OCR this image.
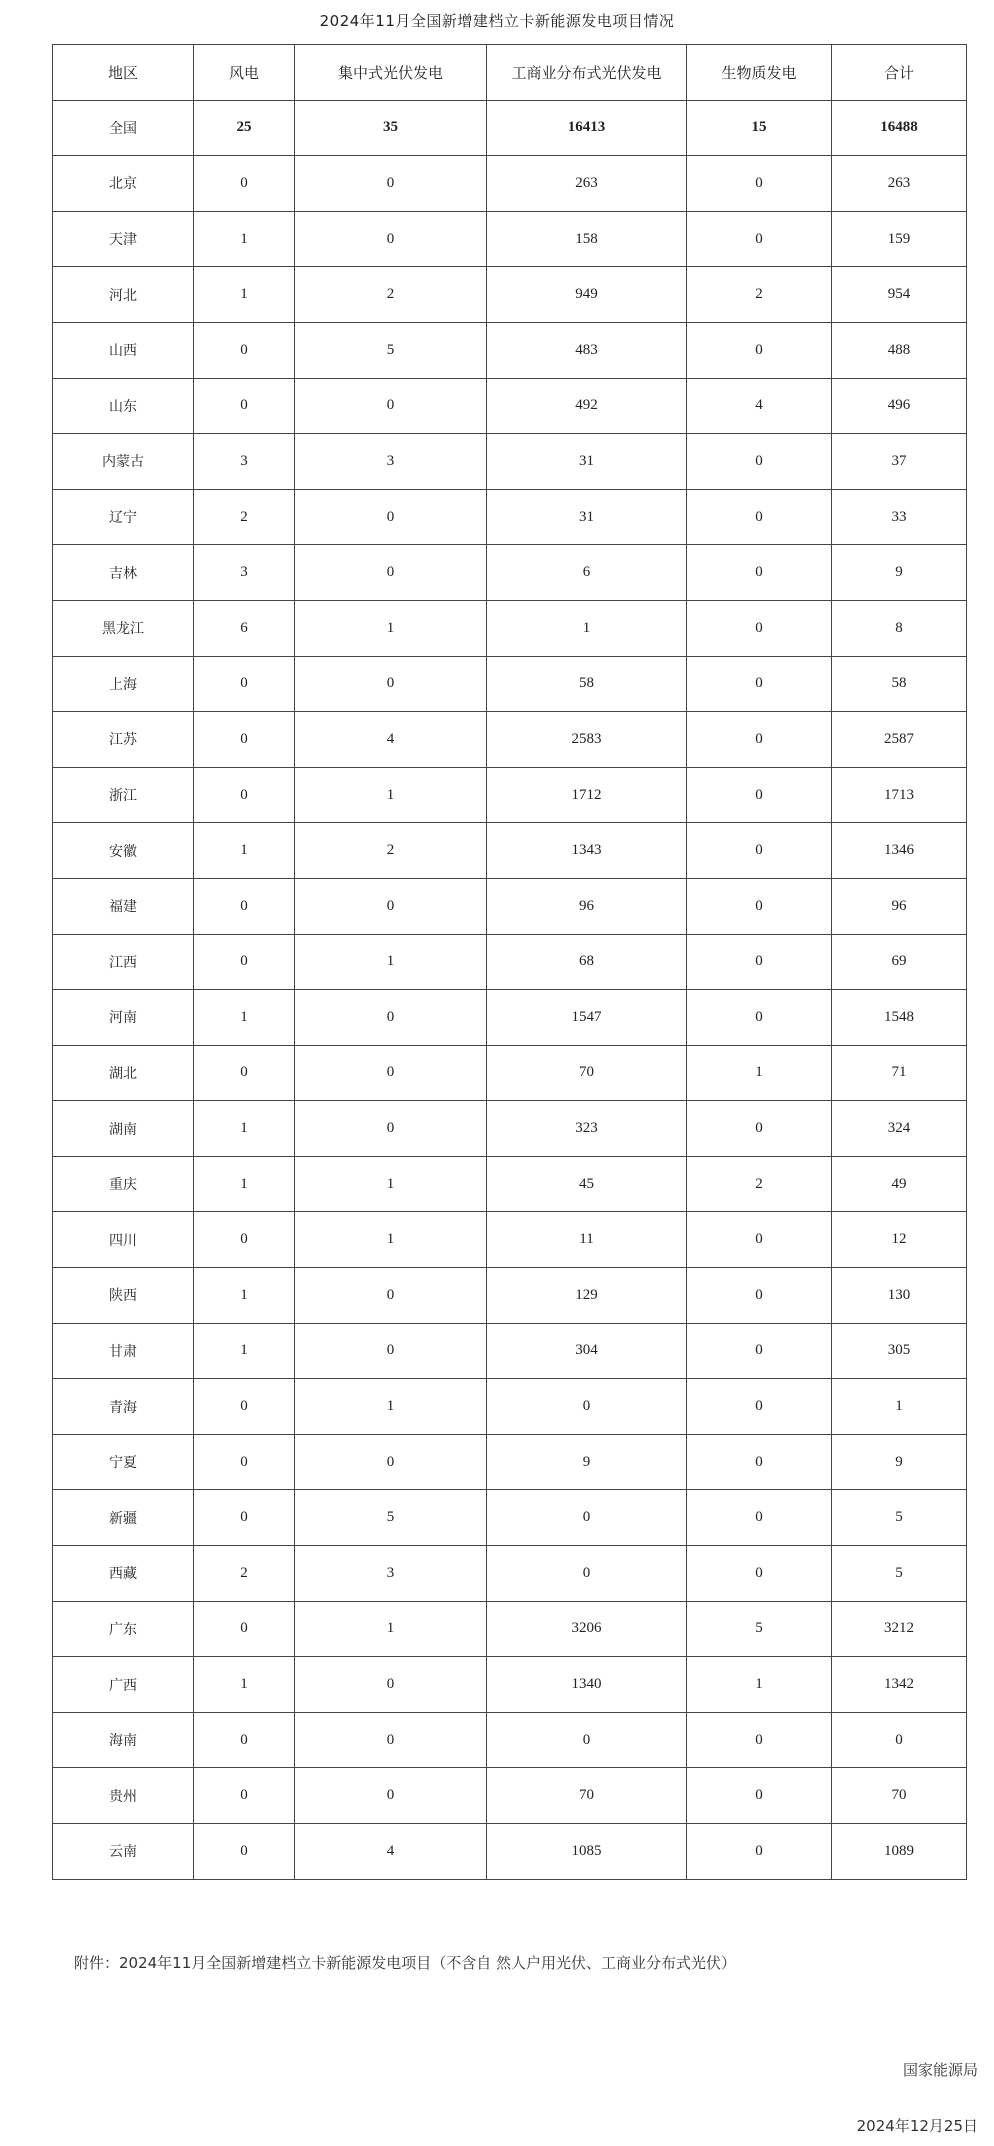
2024年11月全国新增建档立卡新能源发电项目情况
地区	风电	集中式光伏发电	工商业分布式光伏发电	生物质发电	合计
全国	25	35	16413	15	16488
北京	0	0	263	0	263
天津	1	0	158	0	159
河北	1	2	949	2	954
山西	0	5	483	0	488
山东	0	0	492	4	496
内蒙古	3	3	31	0	37
辽宁	2	0	31	0	33
吉林	3	0	6	0	9
黑龙江	6	1	1	0	8
上海	0	0	58	0	58
江苏	0	4	2583	0	2587
浙江	0	1	1712	0	1713
安徽	1	2	1343	0	1346
福建	0	0	96	0	96
江西	0	1	68	0	69
河南	1	0	1547	0	1548
湖北	0	0	70	1	71
湖南	1	0	323	0	324
重庆	1	1	45	2	49
四川	0	1	11	0	12
陕西	1	0	129	0	130
甘肃	1	0	304	0	305
青海	0	1	0	0	1
宁夏	0	0	9	0	9
新疆	0	5	0	0	5
西藏	2	3	0	0	5
广东	0	1	3206	5	3212
广西	1	0	1340	1	1342
海南	0	0	0	0	0
贵州	0	0	70	0	70
云南	0	4	1085	0	1089
附件：2024年11月全国新增建档立卡新能源发电项目（不含自 然人户用光伏、工商业分布式光伏）
国家能源局
2024年12月25日
